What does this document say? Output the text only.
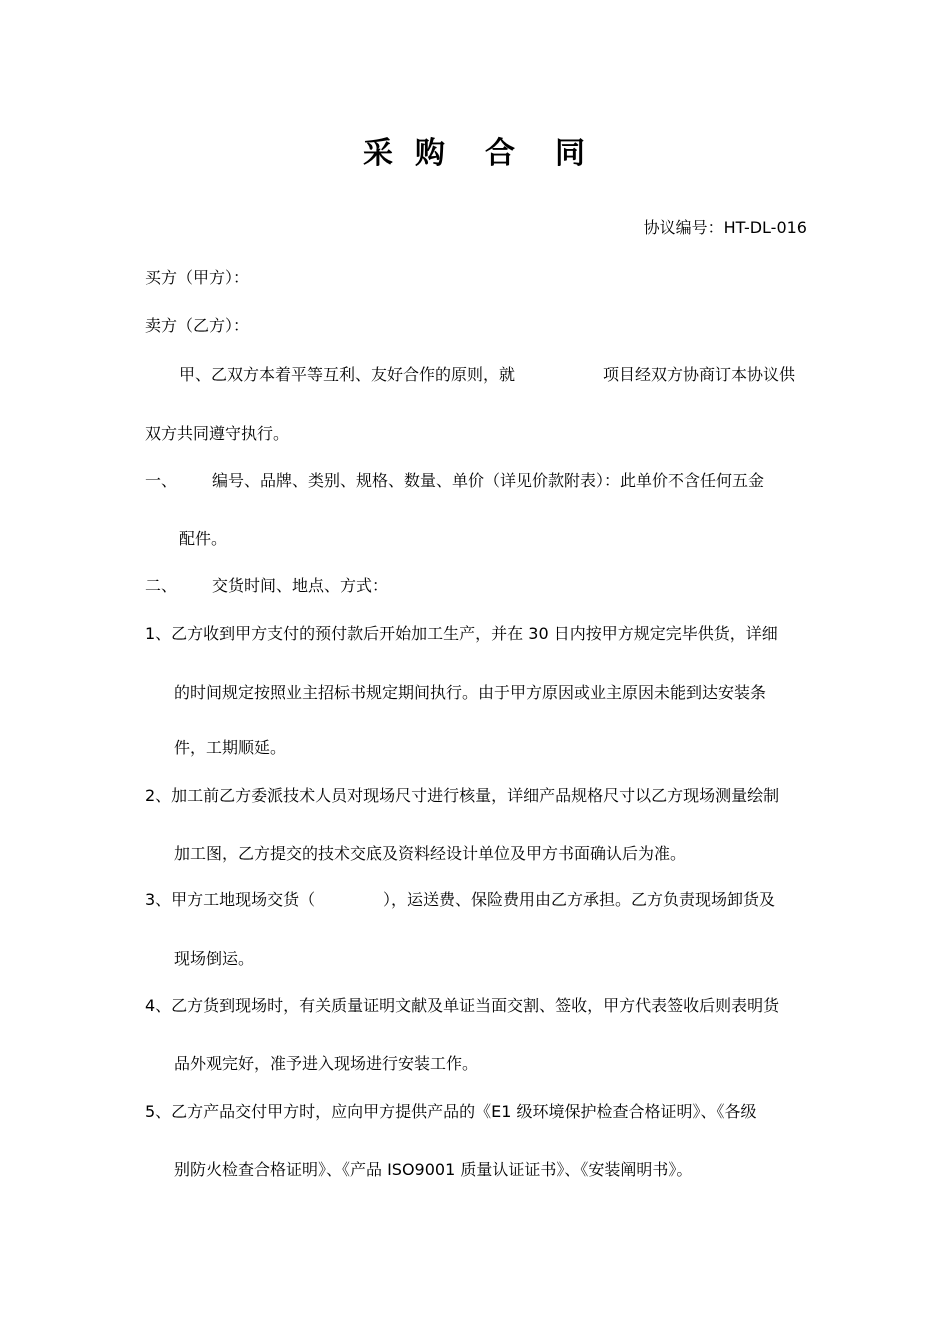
采 购 合 同
协议编号：HT-DL-016
买方（甲方）：
卖方（乙方）：
甲、乙双方本着平等互利、友好合作的原则，就	项目经双方协商订本协议供
双方共同遵守执行。
一、 编号、品牌、类别、规格、数量、单价（详见价款附表）：此单价不含任何五金
配件。
二、 交货时间、地点、方式：
1、乙方收到甲方支付的预付款后开始加工生产，并在 30 日内按甲方规定完毕供货，详细
的时间规定按照业主招标书规定期间执行。由于甲方原因或业主原因未能到达安装条
件，工期顺延。
2、加工前乙方委派技术人员对现场尺寸进行核量，详细产品规格尺寸以乙方现场测量绘制
加工图，乙方提交的技术交底及资料经设计单位及甲方书面确认后为准。
3、甲方工地现场交货（	），运送费、保险费用由乙方承担。乙方负责现场卸货及
现场倒运。
4、乙方货到现场时，有关质量证明文献及单证当面交割、签收，甲方代表签收后则表明货
品外观完好，准予进入现场进行安装工作。
5、乙方产品交付甲方时，应向甲方提供产品的《E1 级环境保护检查合格证明》、《各级
别防火检查合格证明》、《产品 ISO9001 质量认证证书》、《安装阐明书》。
